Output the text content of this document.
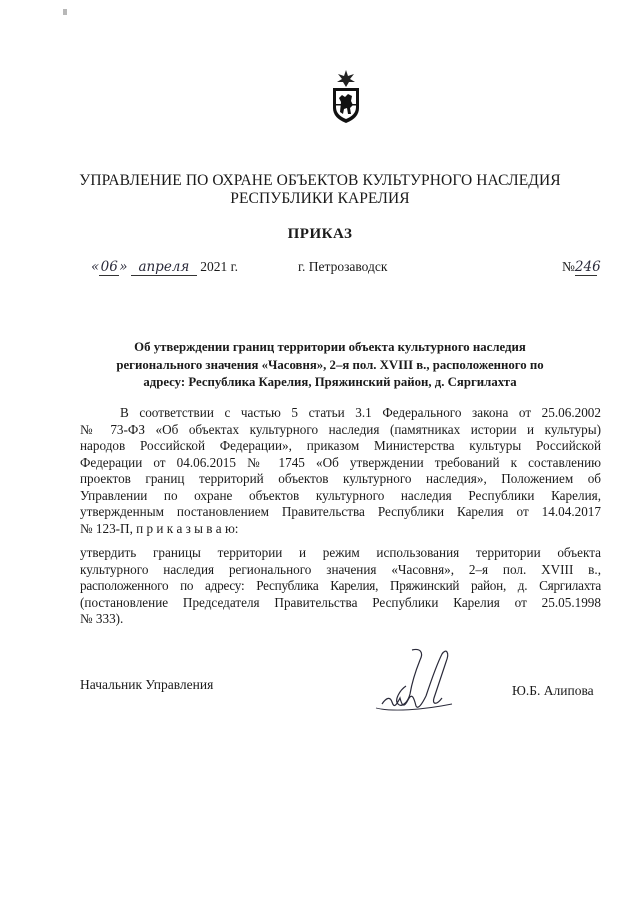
УПРАВЛЕНИЕ ПО ОХРАНЕ ОБЪЕКТОВ КУЛЬТУРНОГО НАСЛЕДИЯ
РЕСПУБЛИКИ КАРЕЛИЯ
ПРИКАЗ
«06» апреля 2021 г.	г. Петрозаводск	№246
Об утверждении границ территории объекта культурного наследия
регионального значения «Часовня», 2–я пол. XVIII в., расположенного по
адресу: Республика Карелия, Пряжинский район, д. Сяргилахта
В соответствии с частью 5 статьи 3.1 Федерального закона от 25.06.2002
№ 73-ФЗ «Об объектах культурного наследия (памятниках истории и культуры)
народов Российской Федерации», приказом Министерства культуры Российской
Федерации от 04.06.2015 № 1745 «Об утверждении требований к составлению
проектов границ территорий объектов культурного наследия», Положением об
Управлении по охране объектов культурного наследия Республики Карелия,
утвержденным постановлением Правительства Республики Карелия от 14.04.2017
№ 123-П, п р и к а з ы в а ю:
утвердить границы территории и режим использования территории объекта
культурного наследия регионального значения «Часовня», 2–я пол. XVIII в.,
расположенного по адресу: Республика Карелия, Пряжинский район, д. Сяргилахта
(постановление Председателя Правительства Республики Карелия от 25.05.1998
№ 333).
Начальник Управления	Ю.Б. Алипова
